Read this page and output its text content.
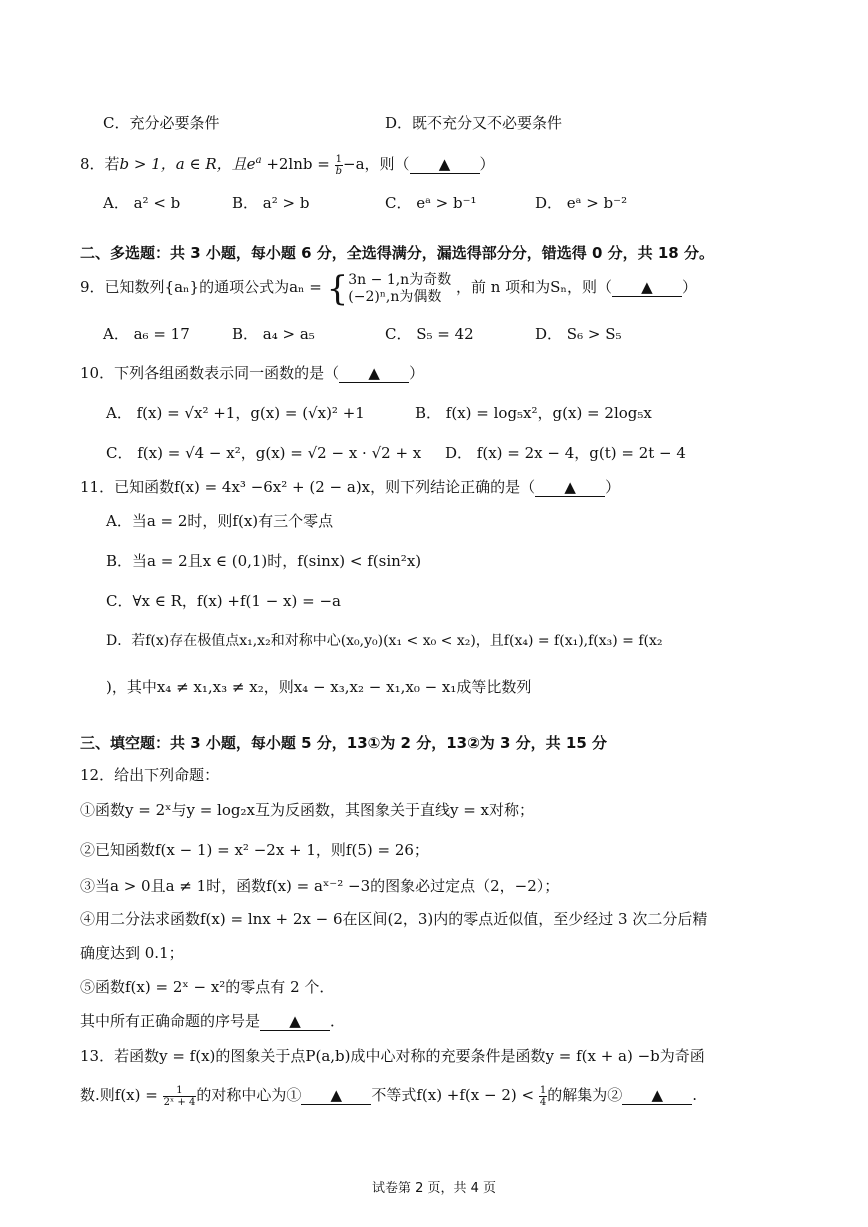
C．充分必要条件	D．既不充分又不必要条件
8．若b > 1，a ∈ R，且$e^a +2\ln b = \frac{1}{b} -a$，则（ ▲ ）
A． a² < b	B． a² > b	C． eᵃ > b⁻¹	D． eᵃ > b⁻²
二、多选题：共 3 小题，每小题 6 分，全选得满分，漏选得部分分，错选得 0 分，共 18 分。
9．已知数列{aₙ}的通项公式为aₙ = { 3n − 1,n为奇数
(−2)ⁿ,n为偶数
，前 n 项和为Sₙ，则（ ▲ ）
A． a₆ = 17	B． a₄ > a₅	C． S₅ = 42	D． S₆ > S₅
10．下列各组函数表示同一函数的是（ ▲ ）
A． f(x) = √x² +1，g(x) = (√x)² +1	B． f(x) = log₅x²，g(x) = 2log₅x
C． f(x) = √4 − x²，g(x) = √2 − x · √2 + x D． f(x) = 2x − 4，g(t) = 2t − 4
11．已知函数f(x) = 4x³ −6x² + (2 − a)x，则下列结论正确的是（ ▲ ）
A．当a = 2时，则f(x)有三个零点
B．当a = 2且x ∈ (0,1)时，f(sinx) < f(sin²x)
C．∀x ∈ R，f(x) +f(1 − x) = −a
D．若f(x)存在极值点x₁,x₂和对称中心(x₀,y₀)(x₁ < x₀ < x₂)，且f(x₄) = f(x₁),f(x₃) = f(x₂
)，其中x₄ ≠ x₁,x₃ ≠ x₂，则x₄ − x₃,x₂ − x₁,x₀ − x₁成等比数列
三、填空题：共 3 小题，每小题 5 分，13①为 2 分，13②为 3 分，共 15 分
12．给出下列命题：
①函数y = 2ˣ与y = log₂x互为反函数，其图象关于直线y = x对称；
②已知函数f(x − 1) = x² −2x + 1，则f(5) = 26；
③当a > 0且a ≠ 1时，函数f(x) = aˣ⁻² −3的图象必过定点（2，−2）；
④用二分法求函数f(x) = lnx + 2x − 6在区间(2，3)内的零点近似值，至少经过 3 次二分后精
确度达到 0.1；
⑤函数f(x) = 2ˣ − x²的零点有 2 个．
其中所有正确命题的序号是 ▲ ．
13．若函数y = f(x)的图象关于点P(a,b)成中心对称的充要条件是函数y = f(x + a) −b为奇函
数.则$f(x) = \frac{1}{\text{2ˣ + 4}}$ 的对称中心为① ▲ 不等式$f(x) +f(x - 2) < \frac{1}{4}$ 的解集为② ▲ .
试卷第 2 页，共 4 页
